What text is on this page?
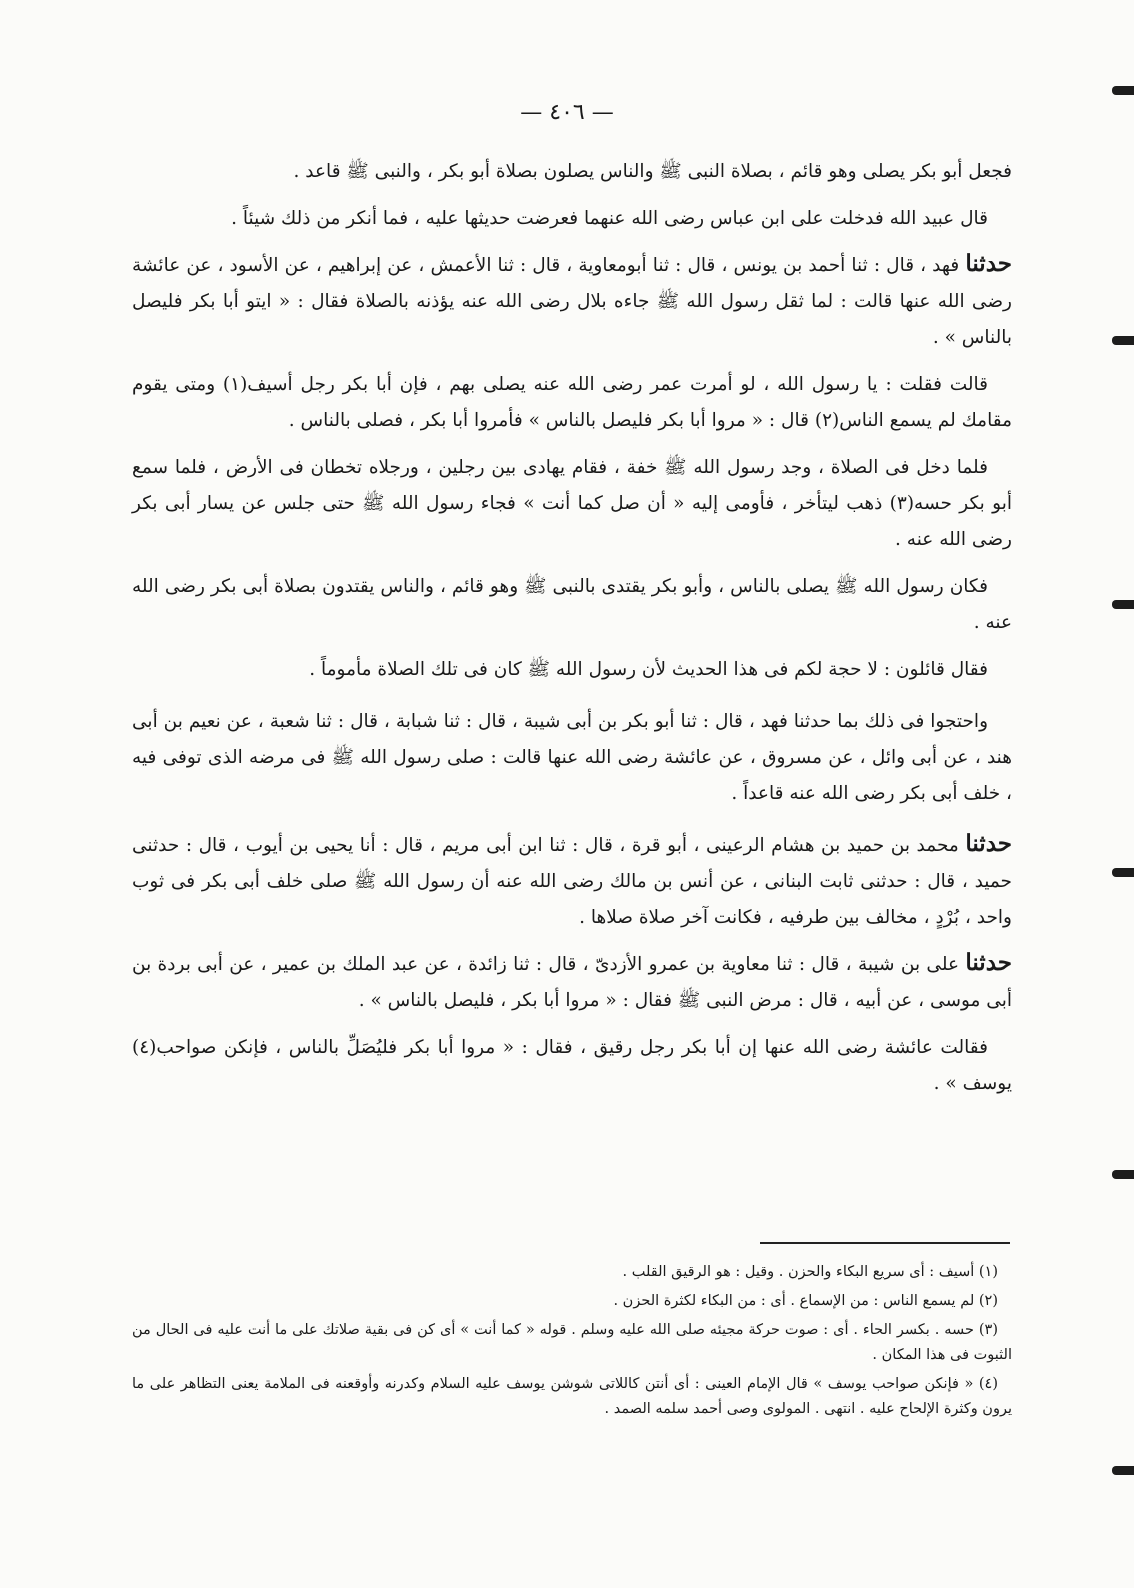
— ٤٠٦ —

فجعل أبو بكر يصلى وهو قائم ، بصلاة النبى ﷺ والناس يصلون بصلاة أبو بكر ، والنبى ﷺ قاعد .

قال عبيد الله فدخلت على ابن عباس رضى الله عنهما فعرضت حديثها عليه ، فما أنكر من ذلك شيئاً .

حدثنا فهد ، قال : ثنا أحمد بن يونس ، قال : ثنا أبومعاوية ، قال : ثنا الأعمش ، عن إبراهيم ، عن الأسود ، عن عائشة رضى الله عنها قالت : لما ثقل رسول الله ﷺ جاءه بلال رضى الله عنه يؤذنه بالصلاة فقال : « ايتو أبا بكر فليصل بالناس » .

قالت فقلت : يا رسول الله ، لو أمرت عمر رضى الله عنه يصلى بهم ، فإن أبا بكر رجل أسيف(١) ومتى يقوم مقامك لم يسمع الناس(٢) قال : « مروا أبا بكر فليصل بالناس » فأمروا أبا بكر ، فصلى بالناس .

فلما دخل فى الصلاة ، وجد رسول الله ﷺ خفة ، فقام يهادى بين رجلين ، ورجلاه تخطان فى الأرض ، فلما سمع أبو بكر حسه(٣) ذهب ليتأخر ، فأومى إليه « أن صل كما أنت » فجاء رسول الله ﷺ حتى جلس عن يسار أبى بكر رضى الله عنه .

فكان رسول الله ﷺ يصلى بالناس ، وأبو بكر يقتدى بالنبى ﷺ وهو قائم ، والناس يقتدون بصلاة أبى بكر رضى الله عنه .

فقال قائلون : لا حجة لكم فى هذا الحديث لأن رسول الله ﷺ كان فى تلك الصلاة مأموماً .

واحتجوا فى ذلك بما حدثنا فهد ، قال : ثنا أبو بكر بن أبى شيبة ، قال : ثنا شبابة ، قال : ثنا شعبة ، عن نعيم بن أبى هند ، عن أبى وائل ، عن مسروق ، عن عائشة رضى الله عنها قالت : صلى رسول الله ﷺ فى مرضه الذى توفى فيه ، خلف أبى بكر رضى الله عنه قاعداً .

حدثنا محمد بن حميد بن هشام الرعينى ، أبو قرة ، قال : ثنا ابن أبى مريم ، قال : أنا يحيى بن أيوب ، قال : حدثنى حميد ، قال : حدثنى ثابت البنانى ، عن أنس بن مالك رضى الله عنه أن رسول الله ﷺ صلى خلف أبى بكر فى ثوب واحد ، بُرْدٍ ، مخالف بين طرفيه ، فكانت آخر صلاة صلاها .

حدثنا على بن شيبة ، قال : ثنا معاوية بن عمرو الأزدىّ ، قال : ثنا زائدة ، عن عبد الملك بن عمير ، عن أبى بردة بن أبى موسى ، عن أبيه ، قال : مرض النبى ﷺ فقال : « مروا أبا بكر ، فليصل بالناس » .

فقالت عائشة رضى الله عنها إن أبا بكر رجل رقيق ، فقال : « مروا أبا بكر فليُصَلِّ بالناس ، فإنكن صواحب(٤) يوسف » .

(١) أسيف : أى سريع البكاء والحزن . وقيل : هو الرقيق القلب .

(٢) لم يسمع الناس : من الإسماع . أى : من البكاء لكثرة الحزن .

(٣) حسه . بكسر الحاء . أى : صوت حركة مجيئه صلى الله عليه وسلم . قوله « كما أنت » أى كن فى بقية صلاتك على ما أنت عليه فى الحال من الثبوت فى هذا المكان .

(٤) « فإنكن صواحب يوسف » قال الإمام العينى : أى أنتن كاللاتى شوشن يوسف عليه السلام وكدرنه وأوقعنه فى الملامة يعنى التظاهر على ما يرون وكثرة الإلحاح عليه . انتهى . المولوى وصى أحمد سلمه الصمد .
